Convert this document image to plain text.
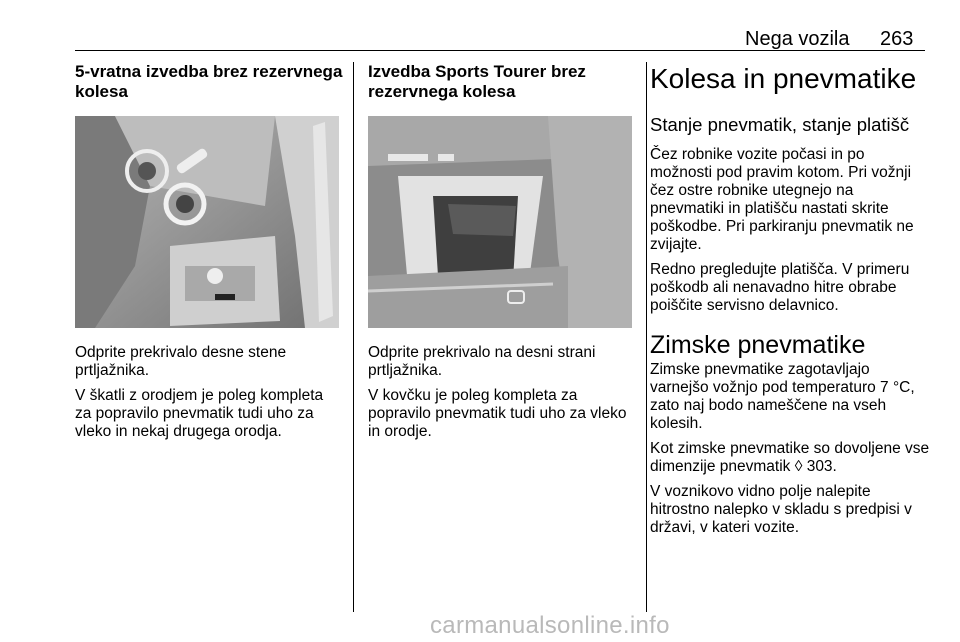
Nega vozila 263
5-vratna izvedba brez rezervnega kolesa

Odprite prekrivalo desne stene prtljažnika.

V škatli z orodjem je poleg kompleta za popravilo pnevmatik tudi uho za vleko in nekaj drugega orodja.

Izvedba Sports Tourer brez rezervnega kolesa

Odprite prekrivalo na desni strani prtljažnika.

V kovčku je poleg kompleta za popravilo pnevmatik tudi uho za vleko in orodje.

Kolesa in pnevmatike
Stanje pnevmatik, stanje platišč

Čez robnike vozite počasi in po možnosti pod pravim kotom. Pri vožnji čez ostre robnike utegnejo na pnevmatiki in platišču nastati skrite poškodbe. Pri parkiranju pnevmatik ne zvijajte.

Redno pregledujte platišča. V primeru poškodb ali nenavadno hitre obrabe poiščite servisno delavnico.

Zimske pnevmatike

Zimske pnevmatike zagotavljajo varnejšo vožnjo pod temperaturo 7 °C, zato naj bodo nameščene na vseh kolesih.

Kot zimske pnevmatike so dovoljene vse dimenzije pnevmatik ◊ 303.

V voznikovo vidno polje nalepite hitrostno nalepko v skladu s predpisi v državi, v kateri vozite.

carmanualsonline.info
